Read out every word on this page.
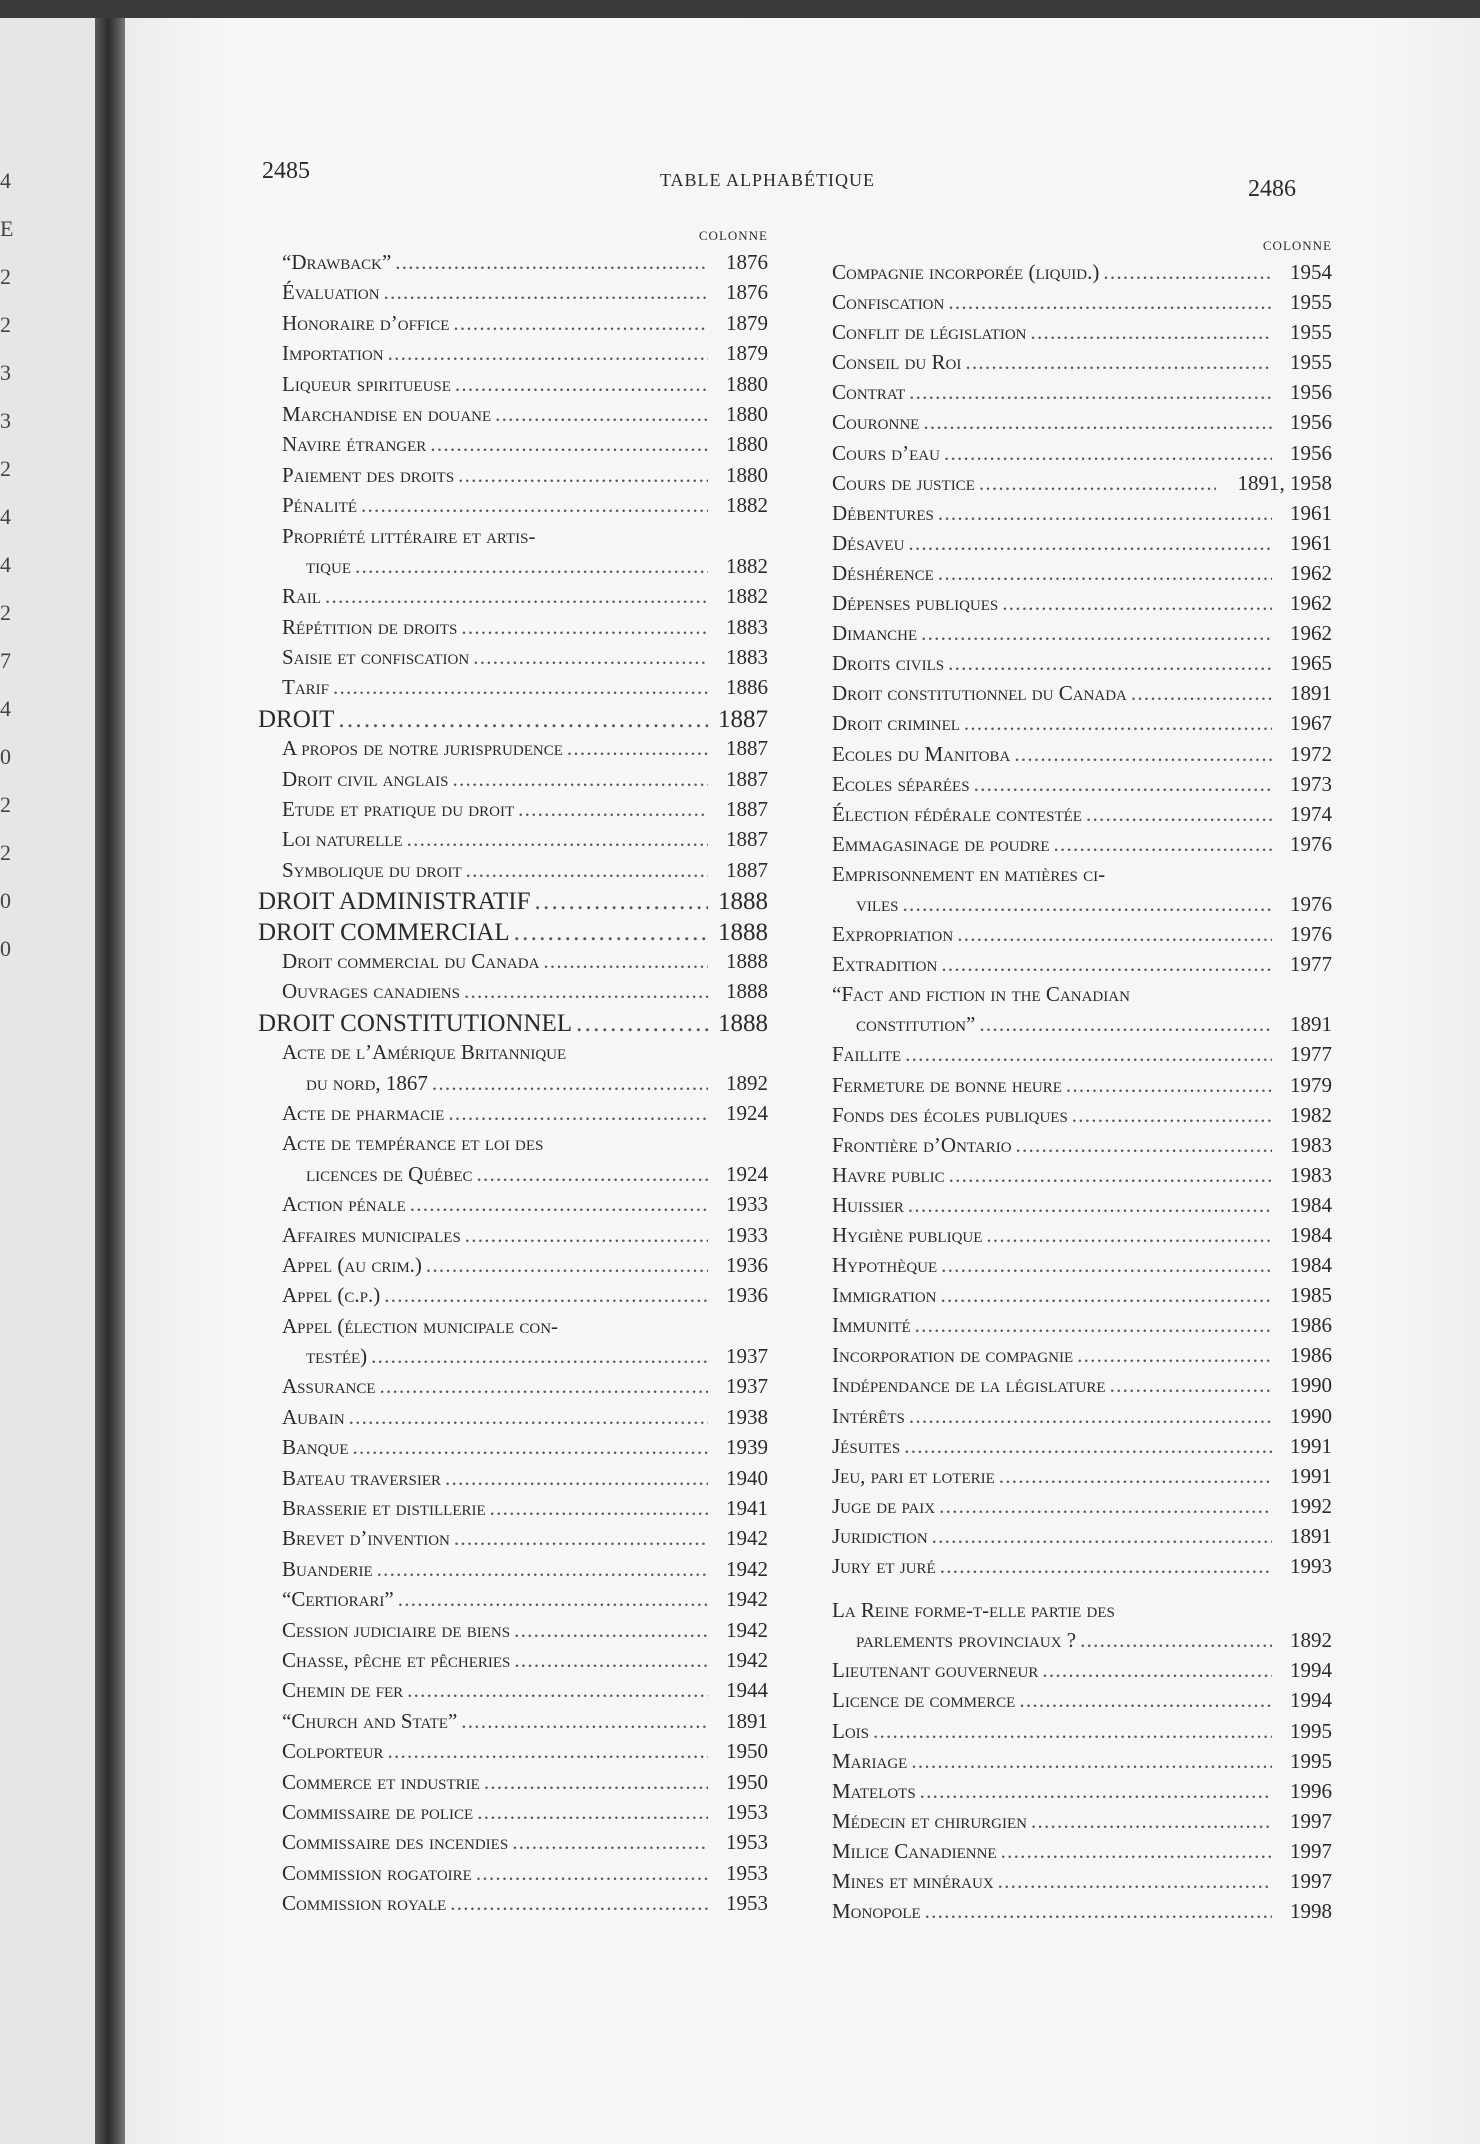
4
E
2
2
3
3
2
4
4
2
7
4
0
2
2
0
0
2485	TABLE ALPHABÉTIQUE	2486
COLONNE
“Drawback” . . .	1876
Évaluation . . .	1876
Honoraire d’office . . .	1879
Importation . . .	1879
Liqueur spiritueuse . . .	1880
Marchandise en douane . . .	1880
Navire étranger . . .	1880
Paiement des droits . . .	1880
Pénalité . . .	1882
Propriété littéraire et artis-
tique . . .	1882
Rail . . .	1882
Répétition de droits . . .	1883
Saisie et confiscation . . .	1883
Tarif . . .	1886
DROIT . . .	1887
A propos de notre jurisprudence . . .	1887
Droit civil anglais . . .	1887
Etude et pratique du droit . . .	1887
Loi naturelle . . .	1887
Symbolique du droit . . .	1887
DROIT ADMINISTRATIF . . .	1888
DROIT COMMERCIAL . . .	1888
Droit commercial du Canada . . .	1888
Ouvrages canadiens . . .	1888
DROIT CONSTITUTIONNEL . . .	1888
Acte de l’Amérique Britannique
du nord, 1867 . . .	1892
Acte de pharmacie . . .	1924
Acte de tempérance et loi des
licences de Québec . . .	1924
Action pénale . . .	1933
Affaires municipales . . .	1933
Appel (au crim.) . . .	1936
Appel (c.p.) . . .	1936
Appel (élection municipale con-
testée) . . .	1937
Assurance . . .	1937
Aubain . . .	1938
Banque . . .	1939
Bateau traversier . . .	1940
Brasserie et distillerie . . .	1941
Brevet d’invention . . .	1942
Buanderie . . .	1942
“Certiorari” . . .	1942
Cession judiciaire de biens . . .	1942
Chasse, pêche et pêcheries . . .	1942
Chemin de fer . . .	1944
“Church and State” . . .	1891
Colporteur . . .	1950
Commerce et industrie . . .	1950
Commissaire de police . . .	1953
Commissaire des incendies . . .	1953
Commission rogatoire . . .	1953
Commission royale . . .	1953
COLONNE
Compagnie incorporée (liquid.) . . .	1954
Confiscation . . .	1955
Conflit de législation . . .	1955
Conseil du Roi . . .	1955
Contrat . . .	1956
Couronne . . .	1956
Cours d’eau . . .	1956
Cours de justice . . .	1891, 1958
Débentures . . .	1961
Désaveu . . .	1961
Déshérence . . .	1962
Dépenses publiques . . .	1962
Dimanche . . .	1962
Droits civils . . .	1965
Droit constitutionnel du Canada . . .	1891
Droit criminel . . .	1967
Ecoles du Manitoba . . .	1972
Ecoles séparées . . .	1973
Élection fédérale contestée . . .	1974
Emmagasinage de poudre . . .	1976
Emprisonnement en matières ci-
viles . . .	1976
Expropriation . . .	1976
Extradition . . .	1977
“Fact and fiction in the Canadian
constitution” . . .	1891
Faillite . . .	1977
Fermeture de bonne heure . . .	1979
Fonds des écoles publiques . . .	1982
Frontière d’Ontario . . .	1983
Havre public . . .	1983
Huissier . . .	1984
Hygiène publique . . .	1984
Hypothèque . . .	1984
Immigration . . .	1985
Immunité . . .	1986
Incorporation de compagnie . . .	1986
Indépendance de la législature . . .	1990
Intérêts . . .	1990
Jésuites . . .	1991
Jeu, pari et loterie . . .	1991
Juge de paix . . .	1992
Juridiction . . .	1891
Jury et juré . . .	1993
La Reine forme-t-elle partie des
parlements provinciaux ? . . .	1892
Lieutenant gouverneur . . .	1994
Licence de commerce . . .	1994
Lois . . .	1995
Mariage . . .	1995
Matelots . . .	1996
Médecin et chirurgien . . .	1997
Milice Canadienne . . .	1997
Mines et minéraux . . .	1997
Monopole . . .	1998
